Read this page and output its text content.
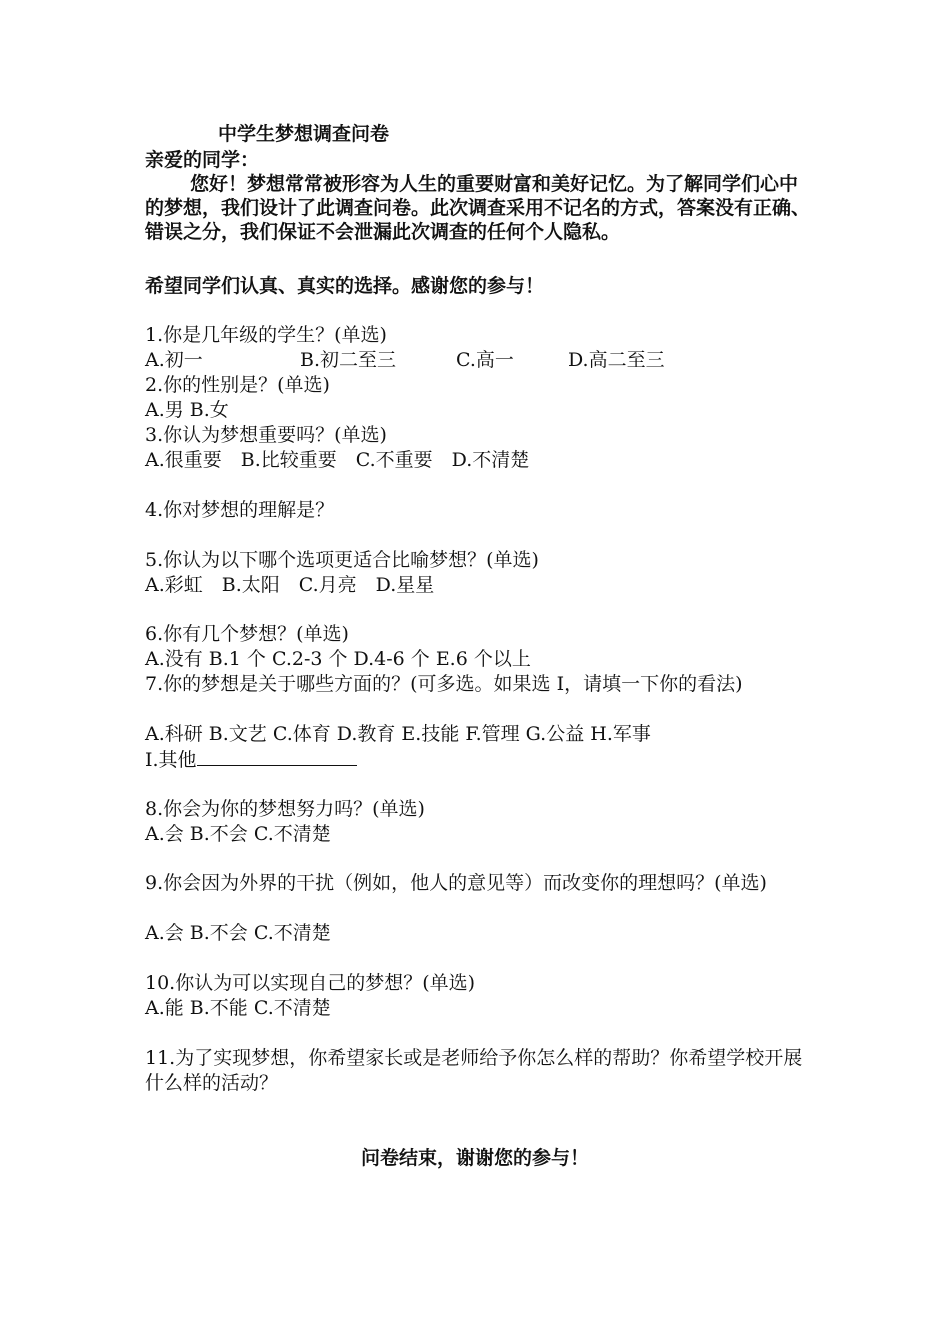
中学生梦想调查问卷
亲爱的同学：
您好！梦想常常被形容为人生的重要财富和美好记忆。为了解同学们心中的梦想，我们设计了此调查问卷。此次调查采用不记名的方式，答案没有正确、错误之分，我们保证不会泄漏此次调查的任何个人隐私。
希望同学们认真、真实的选择。感谢您的参与！
1.你是几年级的学生？(单选)
A.初一	B.初二至三	C.高一	D.高二至三
2.你的性别是？(单选)
A.男 B.女
3.你认为梦想重要吗？(单选)
A.很重要　B.比较重要　C.不重要　D.不清楚
4.你对梦想的理解是？
5.你认为以下哪个选项更适合比喻梦想？(单选)
A.彩虹　B.太阳　C.月亮　D.星星
6.你有几个梦想？(单选)
A.没有 B.1 个 C.2-3 个 D.4-6 个 E.6 个以上
7.你的梦想是关于哪些方面的？(可多选。如果选 I，请填一下你的看法)
A.科研 B.文艺 C.体育 D.教育 E.技能 F.管理 G.公益 H.军事
I.其他
8.你会为你的梦想努力吗？(单选)
A.会 B.不会 C.不清楚
9.你会因为外界的干扰（例如，他人的意见等）而改变你的理想吗？(单选)
A.会 B.不会 C.不清楚
10.你认为可以实现自己的梦想？(单选)
A.能 B.不能 C.不清楚
11.为了实现梦想，你希望家长或是老师给予你怎么样的帮助？你希望学校开展什么样的活动？
问卷结束，谢谢您的参与！
